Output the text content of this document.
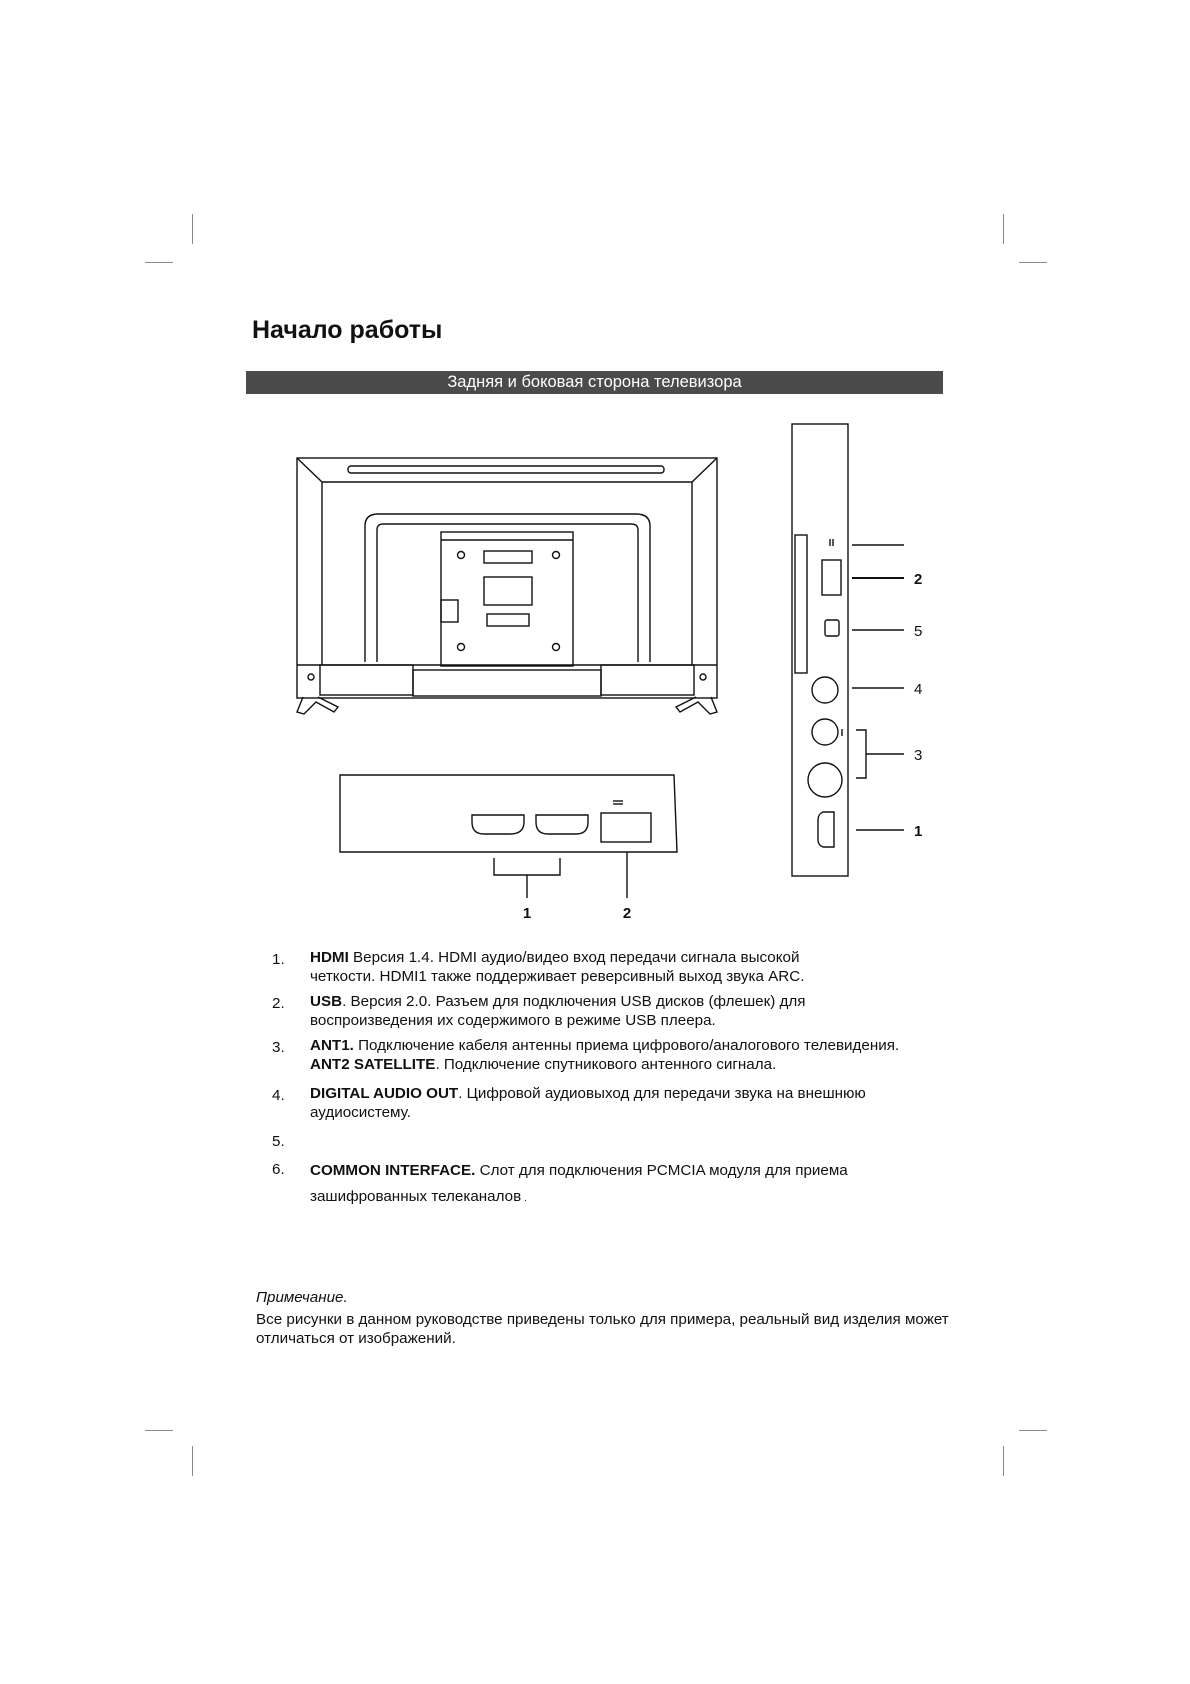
Начало работы
Задняя и боковая сторона телевизора
1	2
2
5
4
3
1
1. HDMI Версия 1.4. HDMI аудио/видео вход передачи сигнала высокой
четкости. HDMI1 также поддерживает реверсивный выход звука ARC.
2. USB. Версия 2.0. Разъем для подключения USB дисков (флешек) для
воспроизведения их содержимого в режиме USB плеера.
3. ANT1. Подключение кабеля антенны приема цифрового/аналогового телевидения.
ANT2 SATELLITE. Подключение спутникового антенного сигнала.
4. DIGITAL AUDIO OUT. Цифровой аудиовыход для передачи звука на внешнюю
аудиосистему.
5.
6. COMMON INTERFACE. Слот для подключения PCMCIA модуля для приема
зашифрованных телеканалов .
Примечание.
Все рисунки в данном руководстве приведены только для примера, реальный вид изделия может отличаться от изображений.
